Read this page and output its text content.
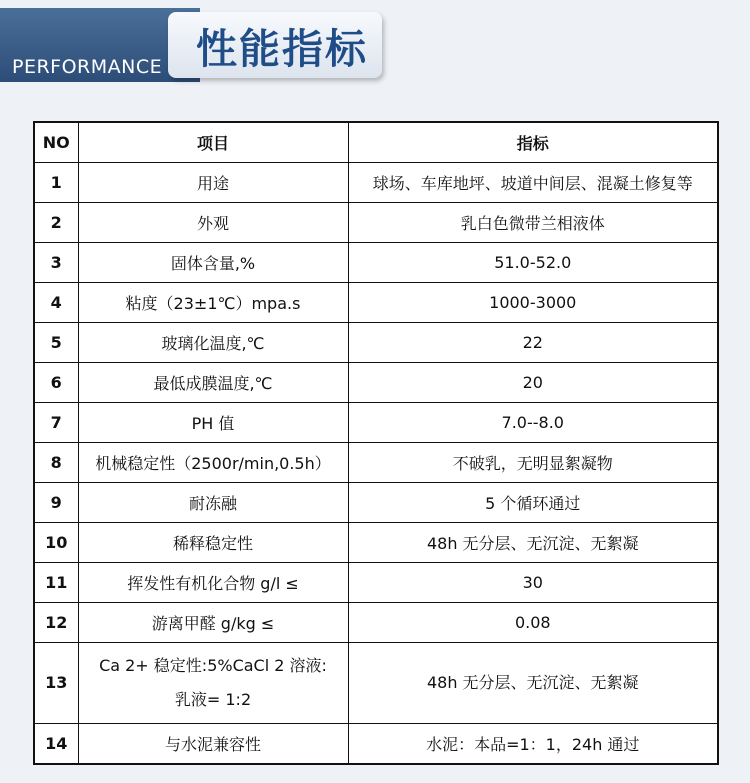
PERFORMANCE 性能指标
NO	项目	指标
1	用途	球场、车库地坪、坡道中间层、混凝土修复等
2	外观	乳白色微带兰相液体
3	固体含量,%	51.0-52.0
4	粘度（23±1℃）mpa.s	1000-3000
5	玻璃化温度,℃	22
6	最低成膜温度,℃	20
7	PH 值	7.0--8.0
8	机械稳定性（2500r/min,0.5h）	不破乳，无明显絮凝物
9	耐冻融	5 个循环通过
10	稀释稳定性	48h 无分层、无沉淀、无絮凝
11	挥发性有机化合物 g/l ≤	30
12	游离甲醛 g/kg ≤	0.08
13	Ca 2+ 稳定性:5%CaCl 2 溶液:
乳液= 1:2	48h 无分层、无沉淀、无絮凝
14	与水泥兼容性	水泥：本品=1：1，24h 通过
